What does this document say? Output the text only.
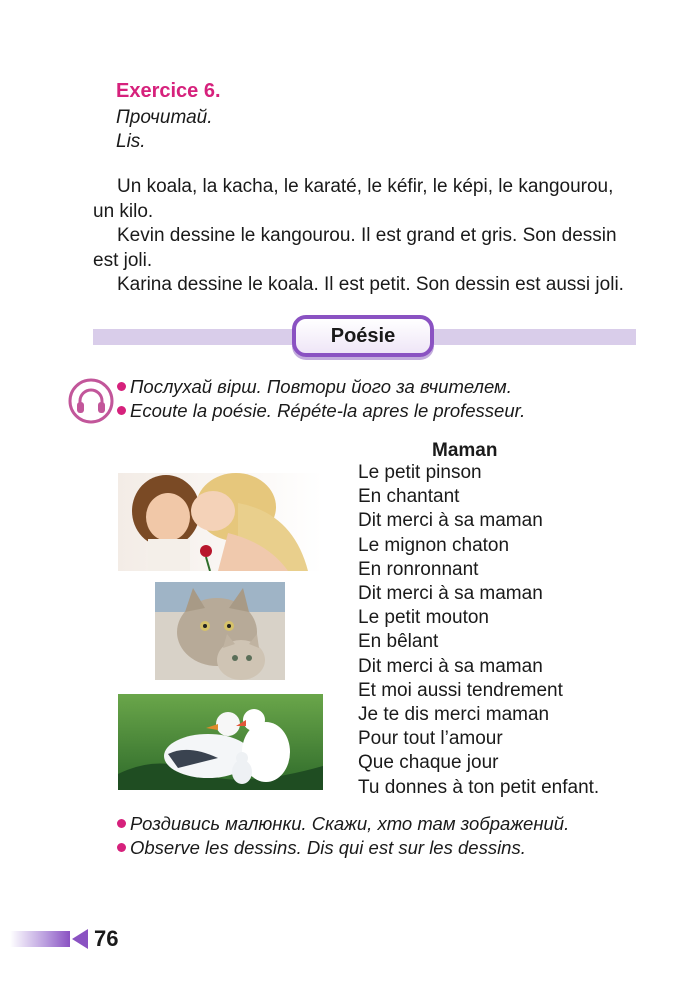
Exercice 6.

Прочитай.

Lis.

Un koala, la kacha, le karaté, le kéfir, le képi, le kangourou, un kilo.

Kevin dessine le kangourou. Il est grand et gris. Son dessin est joli.

Karina dessine le koala. Il est petit. Son dessin est aussi joli.

Poésie

Послухай вірш. Повтори його за вчителем.

Ecoute la poésie. Répéte-la apres le professeur.

Maman
Le petit pinson
En chantant
Dit merci à sa maman
Le mignon chaton
En ronronnant
Dit merci à sa maman
Le petit mouton
En bêlant
Dit merci à sa maman
Et moi aussi tendrement
Je te dis merci maman
Pour tout l’amour
Que chaque jour
Tu donnes à ton petit enfant.

Роздивись малюнки. Скажи, хто там зображений.

Observe les dessins. Dis qui est sur les dessins.

76
